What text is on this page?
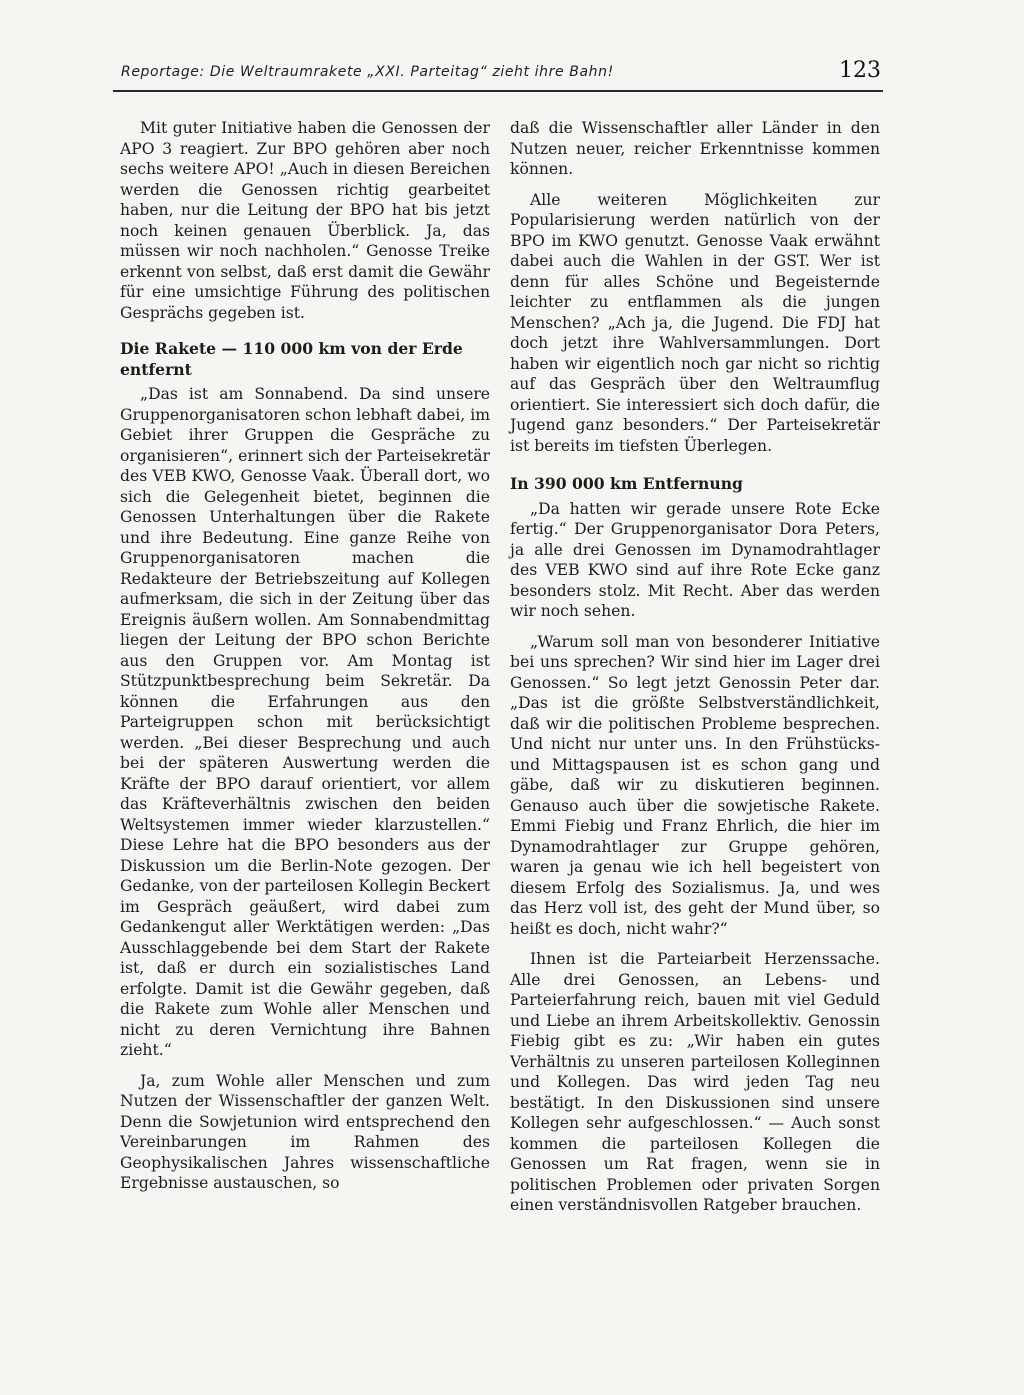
Reportage: Die Weltraumrakete „XXI. Parteitag“ zieht ihre Bahn!	123

Mit guter Initiative haben die Genossen der APO 3 reagiert. Zur BPO gehören aber noch sechs weitere APO! „Auch in diesen Bereichen werden die Genossen richtig gearbeitet haben, nur die Leitung der BPO hat bis jetzt noch keinen genauen Überblick. Ja, das müssen wir noch nachholen.“ Genosse Treike erkennt von selbst, daß erst damit die Gewähr für eine umsichtige Führung des politischen Gesprächs gegeben ist.

Die Rakete — 110 000 km von der Erde entfernt

„Das ist am Sonnabend. Da sind unsere Gruppenorganisatoren schon lebhaft dabei, im Gebiet ihrer Gruppen die Gespräche zu organisieren“, erinnert sich der Parteisekretär des VEB KWO, Genosse Vaak. Überall dort, wo sich die Gelegenheit bietet, beginnen die Genossen Unterhaltungen über die Rakete und ihre Bedeutung. Eine ganze Reihe von Gruppenorganisatoren machen die Redakteure der Betriebszeitung auf Kollegen aufmerksam, die sich in der Zeitung über das Ereignis äußern wollen. Am Sonnabendmittag liegen der Leitung der BPO schon Berichte aus den Gruppen vor. Am Montag ist Stützpunktbesprechung beim Sekretär. Da können die Erfahrungen aus den Parteigruppen schon mit berücksichtigt werden. „Bei dieser Besprechung und auch bei der späteren Auswertung werden die Kräfte der BPO darauf orientiert, vor allem das Kräfteverhältnis zwischen den beiden Weltsystemen immer wieder klarzustellen.“ Diese Lehre hat die BPO besonders aus der Diskussion um die Berlin-Note gezogen. Der Gedanke, von der parteilosen Kollegin Beckert im Gespräch geäußert, wird dabei zum Gedankengut aller Werktätigen werden: „Das Ausschlaggebende bei dem Start der Rakete ist, daß er durch ein sozialistisches Land erfolgte. Damit ist die Gewähr gegeben, daß die Rakete zum Wohle aller Menschen und nicht zu deren Vernichtung ihre Bahnen zieht.“

Ja, zum Wohle aller Menschen und zum Nutzen der Wissenschaftler der ganzen Welt. Denn die Sowjetunion wird entsprechend den Vereinbarungen im Rahmen des Geophysikalischen Jahres wissenschaftliche Ergebnisse austauschen, so

daß die Wissenschaftler aller Länder in den Nutzen neuer, reicher Erkenntnisse kommen können.

Alle weiteren Möglichkeiten zur Popularisierung werden natürlich von der BPO im KWO genutzt. Genosse Vaak erwähnt dabei auch die Wahlen in der GST. Wer ist denn für alles Schöne und Begeisternde leichter zu entflammen als die jungen Menschen? „Ach ja, die Jugend. Die FDJ hat doch jetzt ihre Wahlversammlungen. Dort haben wir eigentlich noch gar nicht so richtig auf das Gespräch über den Weltraumflug orientiert. Sie interessiert sich doch dafür, die Jugend ganz besonders.“ Der Parteisekretär ist bereits im tiefsten Überlegen.

In 390 000 km Entfernung

„Da hatten wir gerade unsere Rote Ecke fertig.“ Der Gruppenorganisator Dora Peters, ja alle drei Genossen im Dynamodrahtlager des VEB KWO sind auf ihre Rote Ecke ganz besonders stolz. Mit Recht. Aber das werden wir noch sehen.

„Warum soll man von besonderer Initiative bei uns sprechen? Wir sind hier im Lager drei Genossen.“ So legt jetzt Genossin Peter dar. „Das ist die größte Selbstverständlichkeit, daß wir die politischen Probleme besprechen. Und nicht nur unter uns. In den Frühstücks- und Mittagspausen ist es schon gang und gäbe, daß wir zu diskutieren beginnen. Genauso auch über die sowjetische Rakete. Emmi Fiebig und Franz Ehrlich, die hier im Dynamodrahtlager zur Gruppe gehören, waren ja genau wie ich hell begeistert von diesem Erfolg des Sozialismus. Ja, und wes das Herz voll ist, des geht der Mund über, so heißt es doch, nicht wahr?“

Ihnen ist die Parteiarbeit Herzenssache. Alle drei Genossen, an Lebens- und Parteierfahrung reich, bauen mit viel Geduld und Liebe an ihrem Arbeitskollektiv. Genossin Fiebig gibt es zu: „Wir haben ein gutes Verhältnis zu unseren parteilosen Kolleginnen und Kollegen. Das wird jeden Tag neu bestätigt. In den Diskussionen sind unsere Kollegen sehr aufgeschlossen.“ — Auch sonst kommen die parteilosen Kollegen die Genossen um Rat fragen, wenn sie in politischen Problemen oder privaten Sorgen einen verständnisvollen Ratgeber brauchen.
